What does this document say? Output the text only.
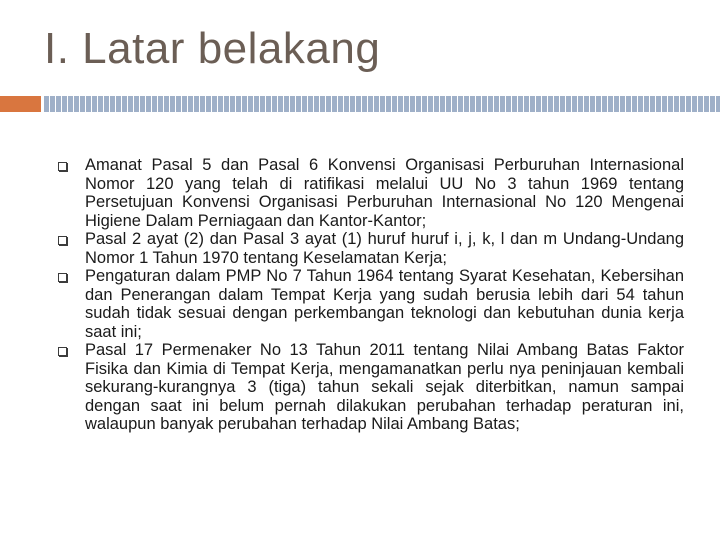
I. Latar belakang
Amanat Pasal 5 dan Pasal 6 Konvensi Organisasi Perburuhan Internasional Nomor 120 yang telah di ratifikasi melalui UU No 3 tahun 1969 tentang Persetujuan Konvensi Organisasi Perburuhan Internasional No 120 Mengenai Higiene Dalam Perniagaan dan Kantor-Kantor;
Pasal 2 ayat (2) dan Pasal 3 ayat (1) huruf huruf i, j, k, l dan m Undang-Undang Nomor 1 Tahun 1970 tentang Keselamatan Kerja;
Pengaturan dalam PMP No 7 Tahun 1964 tentang Syarat Kesehatan, Kebersihan dan Penerangan dalam Tempat Kerja yang sudah berusia lebih dari 54 tahun sudah tidak sesuai dengan perkembangan teknologi dan kebutuhan dunia kerja saat ini;
Pasal 17 Permenaker No 13 Tahun 2011 tentang Nilai Ambang Batas Faktor Fisika dan Kimia di Tempat Kerja, mengamanatkan perlu nya peninjauan kembali sekurang-kurangnya 3 (tiga) tahun sekali sejak diterbitkan, namun sampai dengan saat ini belum pernah dilakukan perubahan terhadap peraturan ini, walaupun banyak perubahan terhadap Nilai Ambang Batas;
